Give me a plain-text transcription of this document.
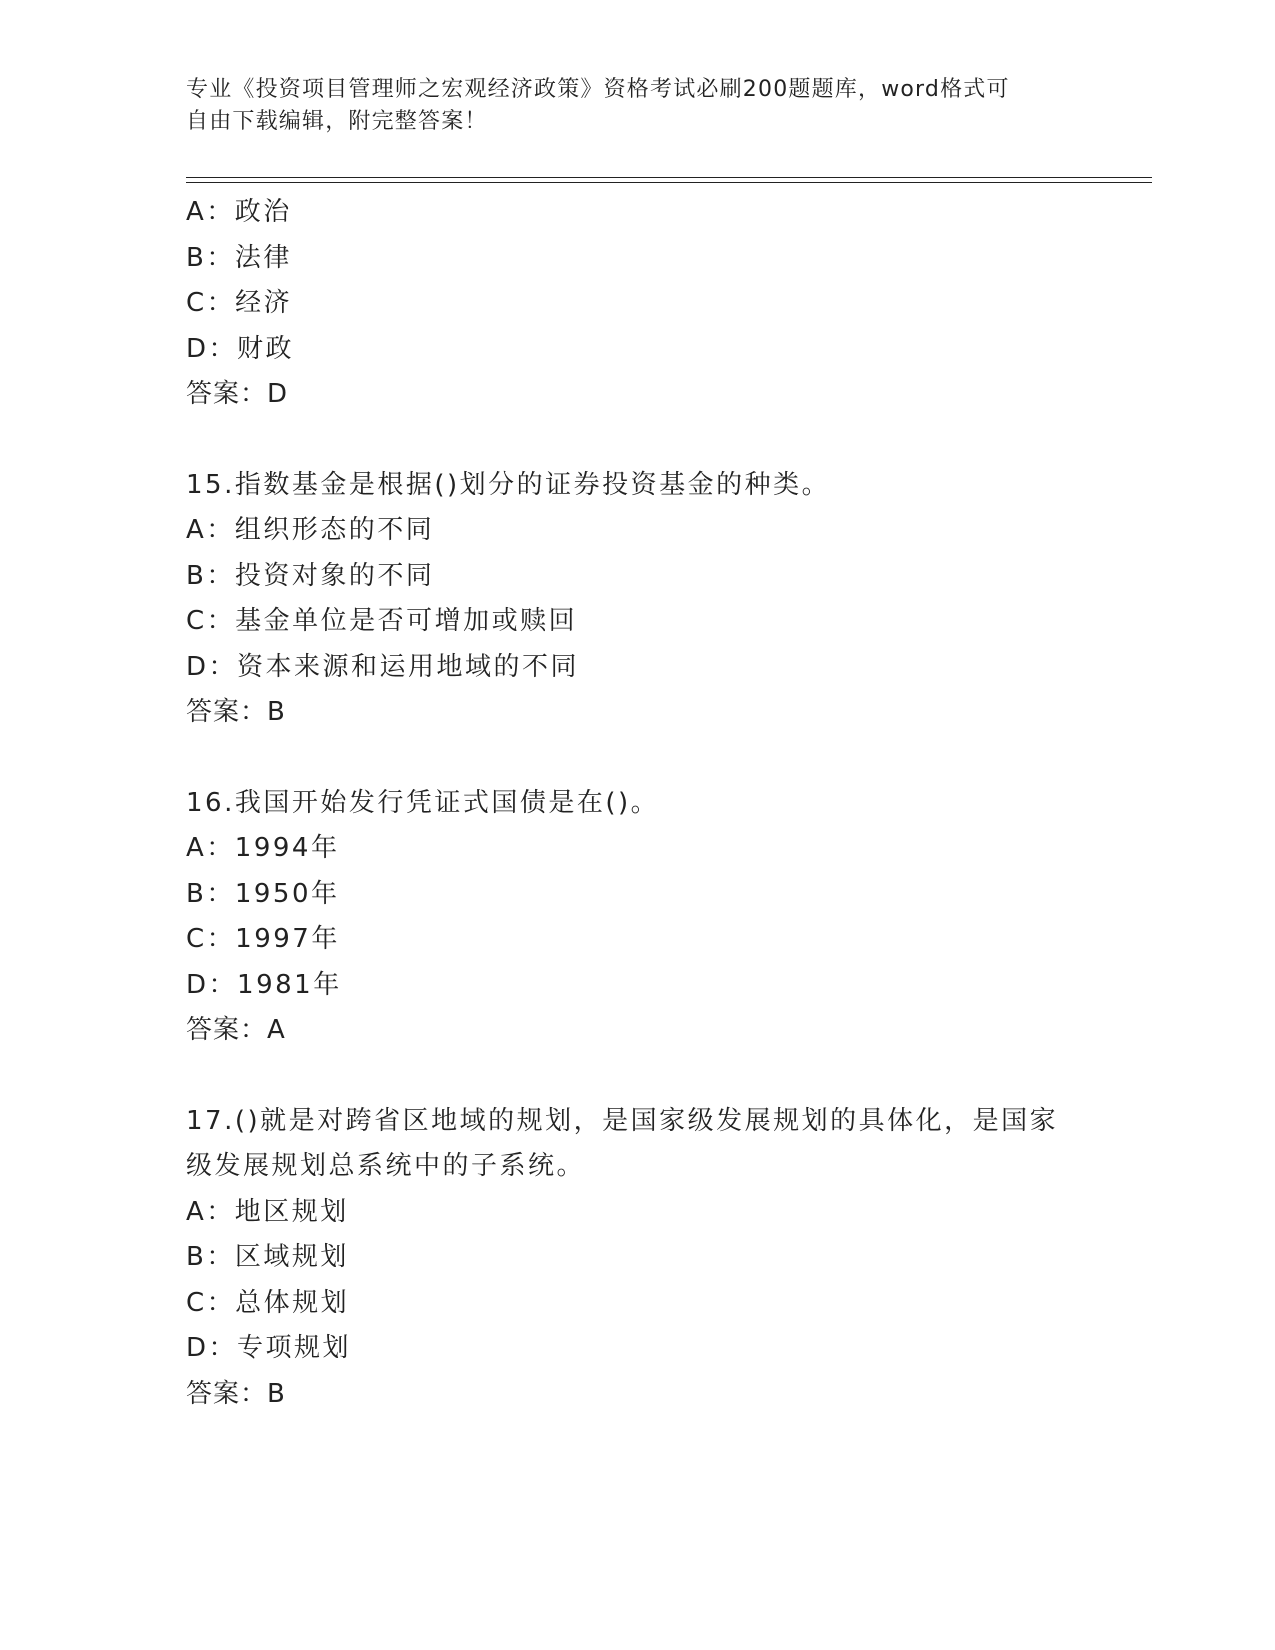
专业《投资项目管理师之宏观经济政策》资格考试必刷200题题库，word格式可
自由下载编辑，附完整答案！
A：政治
B：法律
C：经济
D：财政
答案：D
15.指数基金是根据()划分的证券投资基金的种类。
A：组织形态的不同
B：投资对象的不同
C：基金单位是否可增加或赎回
D：资本来源和运用地域的不同
答案：B
16.我国开始发行凭证式国债是在()。
A：1994年
B：1950年
C：1997年
D：1981年
答案：A
17.()就是对跨省区地域的规划，是国家级发展规划的具体化，是国家
级发展规划总系统中的子系统。
A：地区规划
B：区域规划
C：总体规划
D：专项规划
答案：B
